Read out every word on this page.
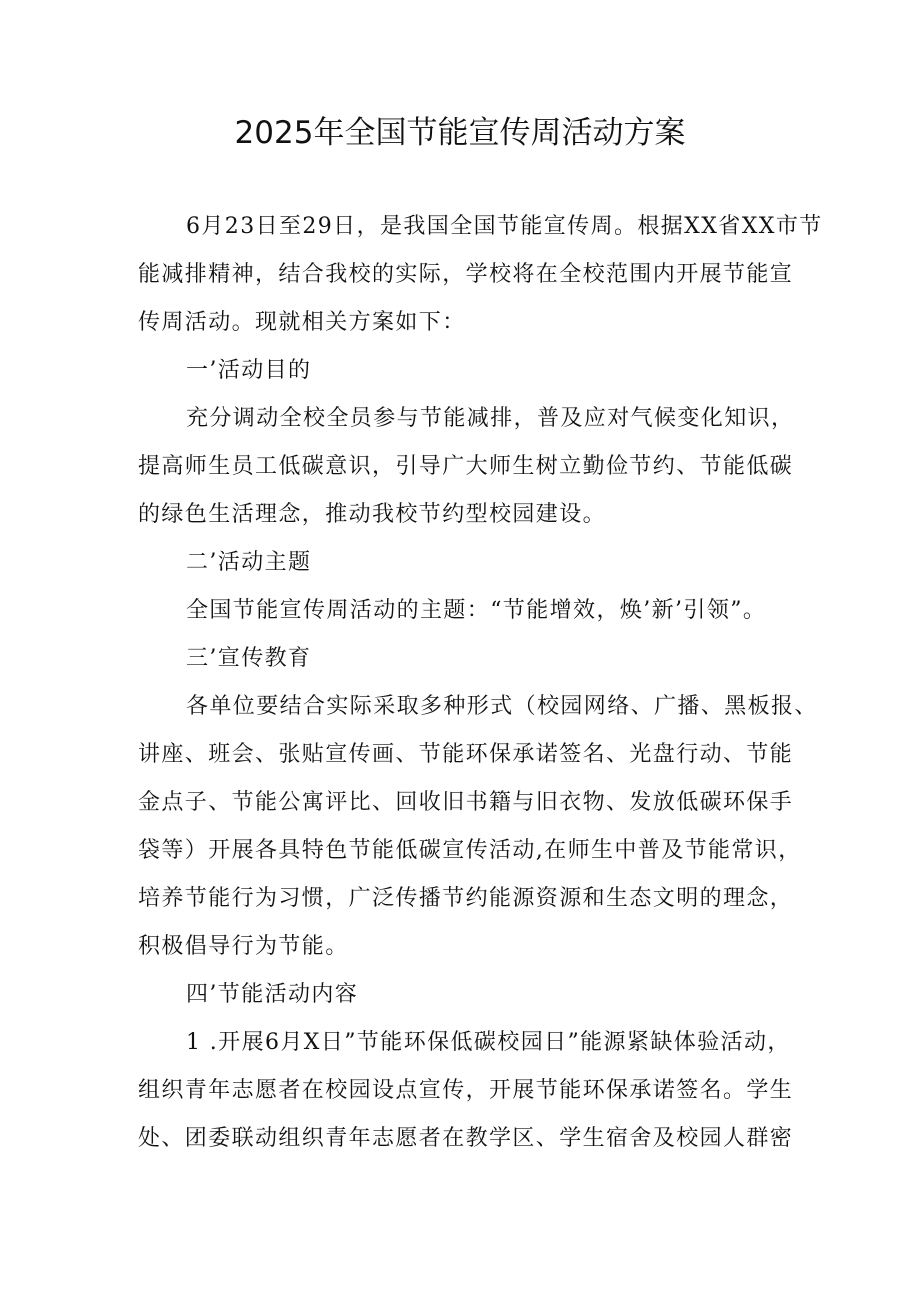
2025年全国节能宣传周活动方案
6月23日至29日，是我国全国节能宣传周。根据XX省XX市节
能减排精神，结合我校的实际，学校将在全校范围内开展节能宣
传周活动。现就相关方案如下：
一’活动目的
充分调动全校全员参与节能减排，普及应对气候变化知识，
提高师生员工低碳意识，引导广大师生树立勤俭节约、节能低碳
的绿色生活理念，推动我校节约型校园建设。
二’活动主题
全国节能宣传周活动的主题：“节能增效，焕’新’引领”。
三’宣传教育
各单位要结合实际采取多种形式（校园网络、广播、黑板报、
讲座、班会、张贴宣传画、节能环保承诺签名、光盘行动、节能
金点子、节能公寓评比、回收旧书籍与旧衣物、发放低碳环保手
袋等）开展各具特色节能低碳宣传活动,在师生中普及节能常识，
培养节能行为习惯，广泛传播节约能源资源和生态文明的理念，
积极倡导行为节能。
四’节能活动内容
1 .开展6月X日”节能环保低碳校园日”能源紧缺体验活动，
组织青年志愿者在校园设点宣传，开展节能环保承诺签名。学生
处、团委联动组织青年志愿者在教学区、学生宿舍及校园人群密
